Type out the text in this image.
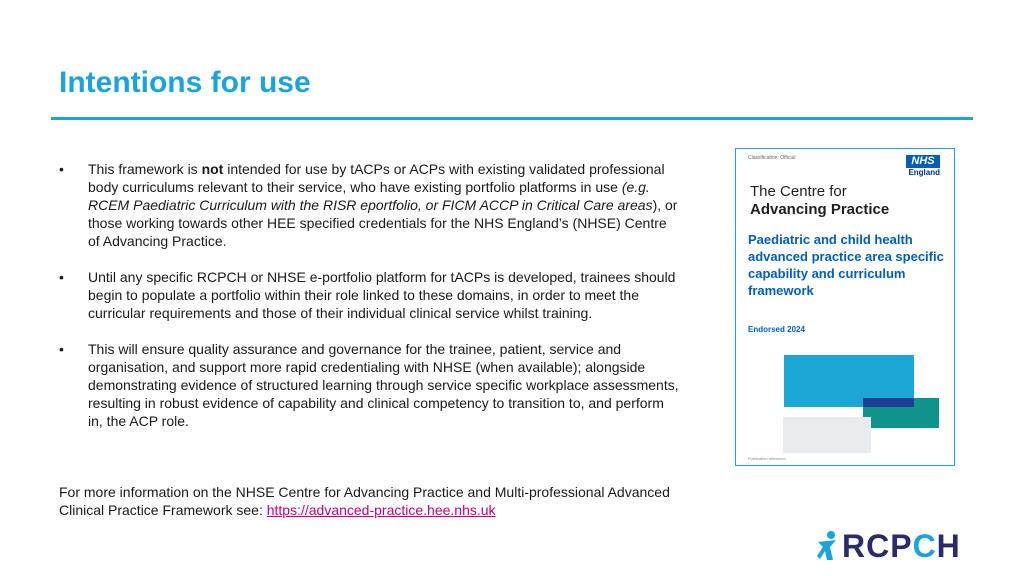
Intentions for use
• This framework is not intended for use by tACPs or ACPs with existing validated professional body curriculums relevant to their service, who have existing portfolio platforms in use (e.g. RCEM Paediatric Curriculum with the RISR eportfolio, or FICM ACCP in Critical Care areas), or those working towards other HEE specified credentials for the NHS England’s (NHSE) Centre of Advancing Practice.
• Until any specific RCPCH or NHSE e-portfolio platform for tACPs is developed, trainees should begin to populate a portfolio within their role linked to these domains, in order to meet the curricular requirements and those of their individual clinical service whilst training.
• This will ensure quality assurance and governance for the trainee, patient, service and organisation, and support more rapid credentialing with NHSE (when available); alongside demonstrating evidence of structured learning through service specific workplace assessments, resulting in robust evidence of capability and clinical competency to transition to, and perform in, the ACP role.
For more information on the NHSE Centre for Advancing Practice and Multi-professional Advanced Clinical Practice Framework see: https://advanced-practice.hee.nhs.uk
Classification: Official	NHS
England
The Centre for
Advancing Practice
Paediatric and child health advanced practice area specific capability and curriculum framework
Endorsed 2024
Publication reference:
RCPCH
